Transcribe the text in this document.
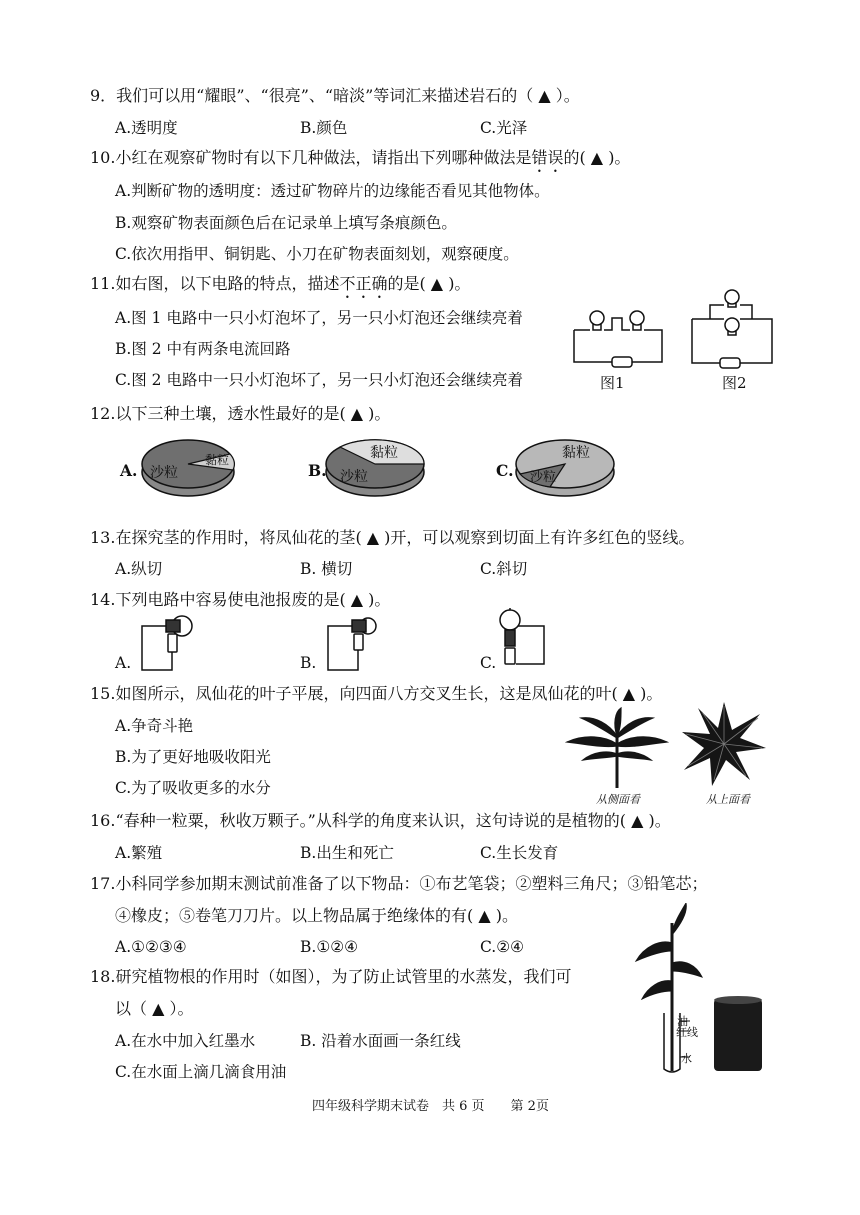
9．我们可以用“耀眼”、“很亮”、“暗淡”等词汇来描述岩石的（ ▲ ）。
A.透明度	B.颜色	C.光泽
10.小红在观察矿物时有以下几种做法，请指出下列哪种做法是错误的( ▲ )。
A.判断矿物的透明度：透过矿物碎片的边缘能否看见其他物体。
B.观察矿物表面颜色后在记录单上填写条痕颜色。
C.依次用指甲、铜钥匙、小刀在矿物表面刻划，观察硬度。
11.如右图，以下电路的特点，描述不正确的是( ▲ )。
A.图 1 电路中一只小灯泡坏了，另一只小灯泡还会继续亮着
B.图 2 中有两条电流回路
C.图 2 电路中一只小灯泡坏了，另一只小灯泡还会继续亮着	图1	图2
12.以下三种土壤，透水性最好的是( ▲ )。
A. 沙粒
黏粒
B. 沙粒
黏粒
C. 沙粒
黏粒
13.在探究茎的作用时，将凤仙花的茎( ▲ )开，可以观察到切面上有许多红色的竖线。
A.纵切	B. 横切	C.斜切
14.下列电路中容易使电池报废的是( ▲ )。
A.	B.	C.
15.如图所示，凤仙花的叶子平展，向四面八方交叉生长，这是凤仙花的叶( ▲ )。
A.争奇斗艳
B.为了更好地吸收阳光
C.为了吸收更多的水分
从侧面看	从上面看
16.“春种一粒粟，秋收万颗子。”从科学的角度来认识，这句诗说的是植物的( ▲ )。
A.繁殖	B.出生和死亡	C.生长发育
17.小科同学参加期末测试前准备了以下物品：①布艺笔袋；②塑料三角尺；③铅笔芯；
④橡皮；⑤卷笔刀刀片。以上物品属于绝缘体的有( ▲ )。
A.①②③④	B.①②④	C.②④
18.研究植物根的作用时（如图），为了防止试管里的水蒸发，我们可
以（ ▲ ）。
A.在水中加入红墨水	B. 沿着水面画一条红线
C.在水面上滴几滴食用油
油
红线
水
四年级科学期末试卷　共 6 页　　第 2页
